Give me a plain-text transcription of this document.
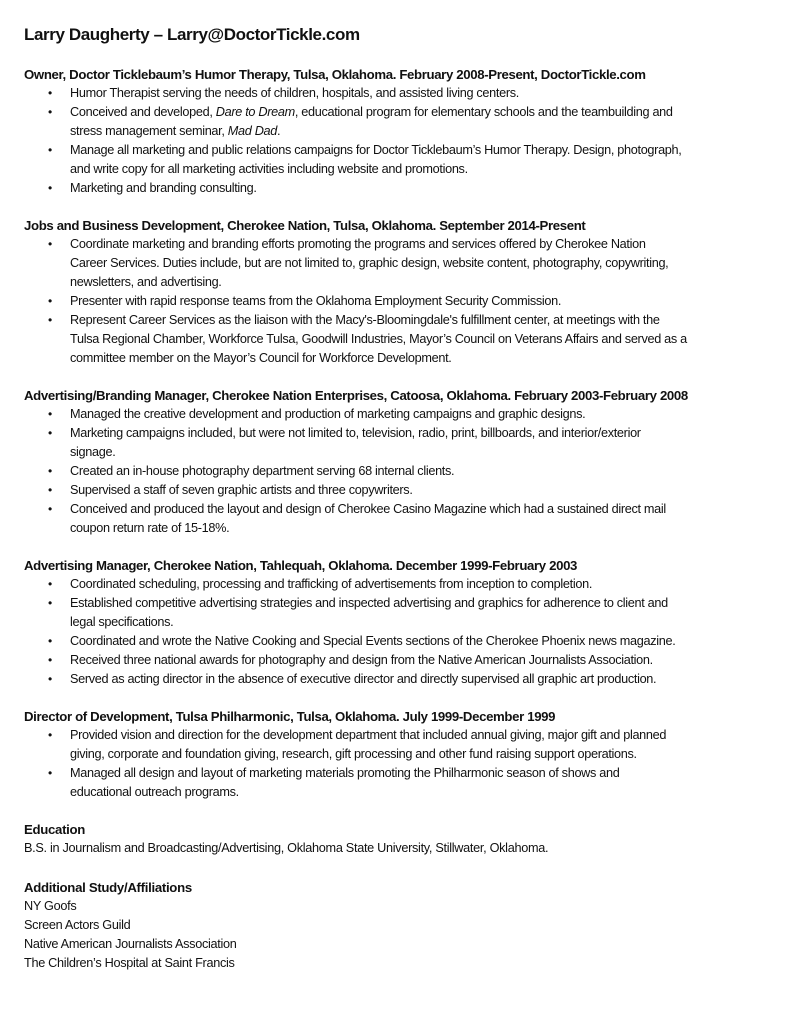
Larry Daugherty – Larry@DoctorTickle.com
Owner, Doctor Ticklebaum’s Humor Therapy, Tulsa, Oklahoma. February 2008-Present, DoctorTickle.com
• Humor Therapist serving the needs of children, hospitals, and assisted living centers.
• Conceived and developed, Dare to Dream, educational program for elementary schools and the teambuilding and
stress management seminar, Mad Dad.
• Manage all marketing and public relations campaigns for Doctor Ticklebaum’s Humor Therapy. Design, photograph,
and write copy for all marketing activities including website and promotions.
• Marketing and branding consulting.
Jobs and Business Development, Cherokee Nation, Tulsa, Oklahoma. September 2014-Present
• Coordinate marketing and branding efforts promoting the programs and services offered by Cherokee Nation
Career Services. Duties include, but are not limited to, graphic design, website content, photography, copywriting,
newsletters, and advertising.
• Presenter with rapid response teams from the Oklahoma Employment Security Commission.
• Represent Career Services as the liaison with the Macy's-Bloomingdale's fulfillment center, at meetings with the
Tulsa Regional Chamber, Workforce Tulsa, Goodwill Industries, Mayor’s Council on Veterans Affairs and served as a
committee member on the Mayor’s Council for Workforce Development.
Advertising/Branding Manager, Cherokee Nation Enterprises, Catoosa, Oklahoma. February 2003-February 2008
• Managed the creative development and production of marketing campaigns and graphic designs.
• Marketing campaigns included, but were not limited to, television, radio, print, billboards, and interior/exterior
signage.
• Created an in-house photography department serving 68 internal clients.
• Supervised a staff of seven graphic artists and three copywriters.
• Conceived and produced the layout and design of Cherokee Casino Magazine which had a sustained direct mail
coupon return rate of 15-18%.
Advertising Manager, Cherokee Nation, Tahlequah, Oklahoma. December 1999-February 2003
• Coordinated scheduling, processing and trafficking of advertisements from inception to completion.
• Established competitive advertising strategies and inspected advertising and graphics for adherence to client and
legal specifications.
• Coordinated and wrote the Native Cooking and Special Events sections of the Cherokee Phoenix news magazine.
• Received three national awards for photography and design from the Native American Journalists Association.
• Served as acting director in the absence of executive director and directly supervised all graphic art production.
Director of Development, Tulsa Philharmonic, Tulsa, Oklahoma. July 1999-December 1999
• Provided vision and direction for the development department that included annual giving, major gift and planned
giving, corporate and foundation giving, research, gift processing and other fund raising support operations.
• Managed all design and layout of marketing materials promoting the Philharmonic season of shows and
educational outreach programs.
Education
B.S. in Journalism and Broadcasting/Advertising, Oklahoma State University, Stillwater, Oklahoma.
Additional Study/Affiliations
NY Goofs
Screen Actors Guild
Native American Journalists Association
The Children’s Hospital at Saint Francis
